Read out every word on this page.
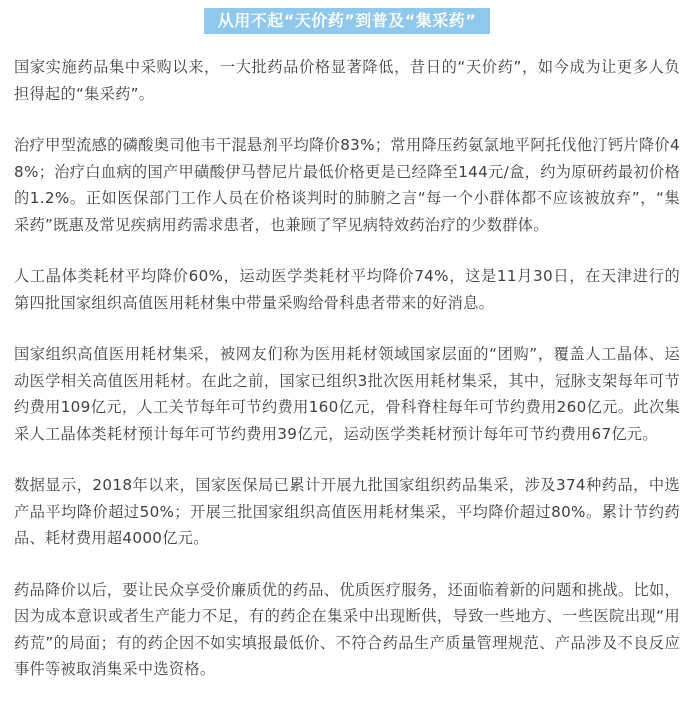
从用不起“天价药”到普及“集采药”

国家实施药品集中采购以来，一大批药品价格显著降低，昔日的“天价药”，如今成为让更多人负担得起的“集采药”。

治疗甲型流感的磷酸奥司他韦干混悬剂平均降价83%；常用降压药氨氯地平阿托伐他汀钙片降价48%；治疗白血病的国产甲磺酸伊马替尼片最低价格更是已经降至144元/盒，约为原研药最初价格的1.2%。正如医保部门工作人员在价格谈判时的肺腑之言“每一个小群体都不应该被放弃”，“集采药”既惠及常见疾病用药需求患者，也兼顾了罕见病特效药治疗的少数群体。

人工晶体类耗材平均降价60%，运动医学类耗材平均降价74%，这是11月30日，在天津进行的第四批国家组织高值医用耗材集中带量采购给骨科患者带来的好消息。

国家组织高值医用耗材集采，被网友们称为医用耗材领域国家层面的“团购”，覆盖人工晶体、运动医学相关高值医用耗材。在此之前，国家已组织3批次医用耗材集采，其中，冠脉支架每年可节约费用109亿元，人工关节每年可节约费用160亿元，骨科脊柱每年可节约费用260亿元。此次集采人工晶体类耗材预计每年可节约费用39亿元，运动医学类耗材预计每年可节约费用67亿元。

数据显示，2018年以来，国家医保局已累计开展九批国家组织药品集采，涉及374种药品，中选产品平均降价超过50%；开展三批国家组织高值医用耗材集采，平均降价超过80%。累计节约药品、耗材费用超4000亿元。

药品降价以后，要让民众享受价廉质优的药品、优质医疗服务，还面临着新的问题和挑战。比如，因为成本意识或者生产能力不足，有的药企在集采中出现断供，导致一些地方、一些医院出现“用药荒”的局面；有的药企因不如实填报最低价、不符合药品生产质量管理规范、产品涉及不良反应事件等被取消集采中选资格。
